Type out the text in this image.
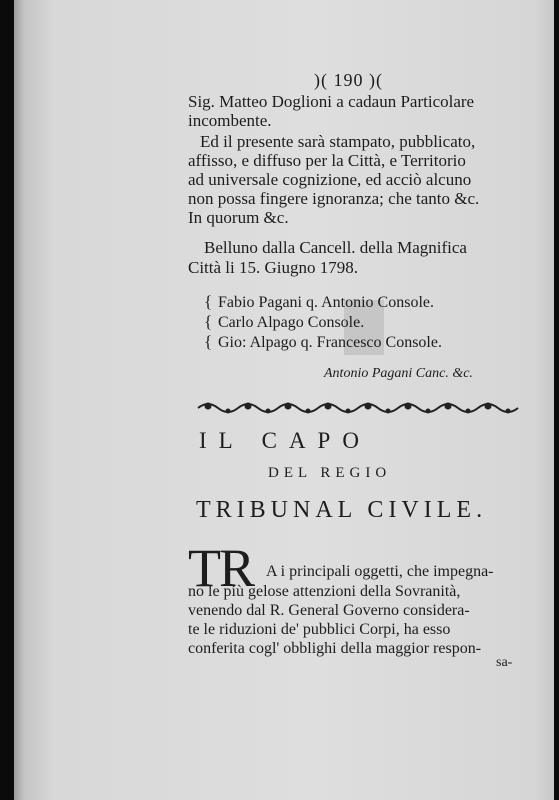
)( 190 )(
Sig. Matteo Doglioni a cadaun Particolare
incombente.
Ed il presente sarà stampato, pubblicato,
affisso, e diffuso per la Città, e Territorio
ad universale cognizione, ed acciò alcuno
non possa fingere ignoranza; che tanto &c.
In quorum &c.
Belluno dalla Cancell. della Magnifica
Città li 15. Giugno 1798.
{ Fabio Pagani q. Antonio Console.
{ Carlo Alpago Console.
{ Gio: Alpago q. Francesco Console.
Antonio Pagani Canc. &c.
IL CAPO
DEL REGIO
TRIBUNAL CIVILE.
TR A i principali oggetti, che impegna-
no le più gelose attenzioni della Sovranità,
venendo dal R. General Governo considera-
te le riduzioni de' pubblici Corpi, ha esso
conferita cogl' obblighi della maggior respon-
sa-
